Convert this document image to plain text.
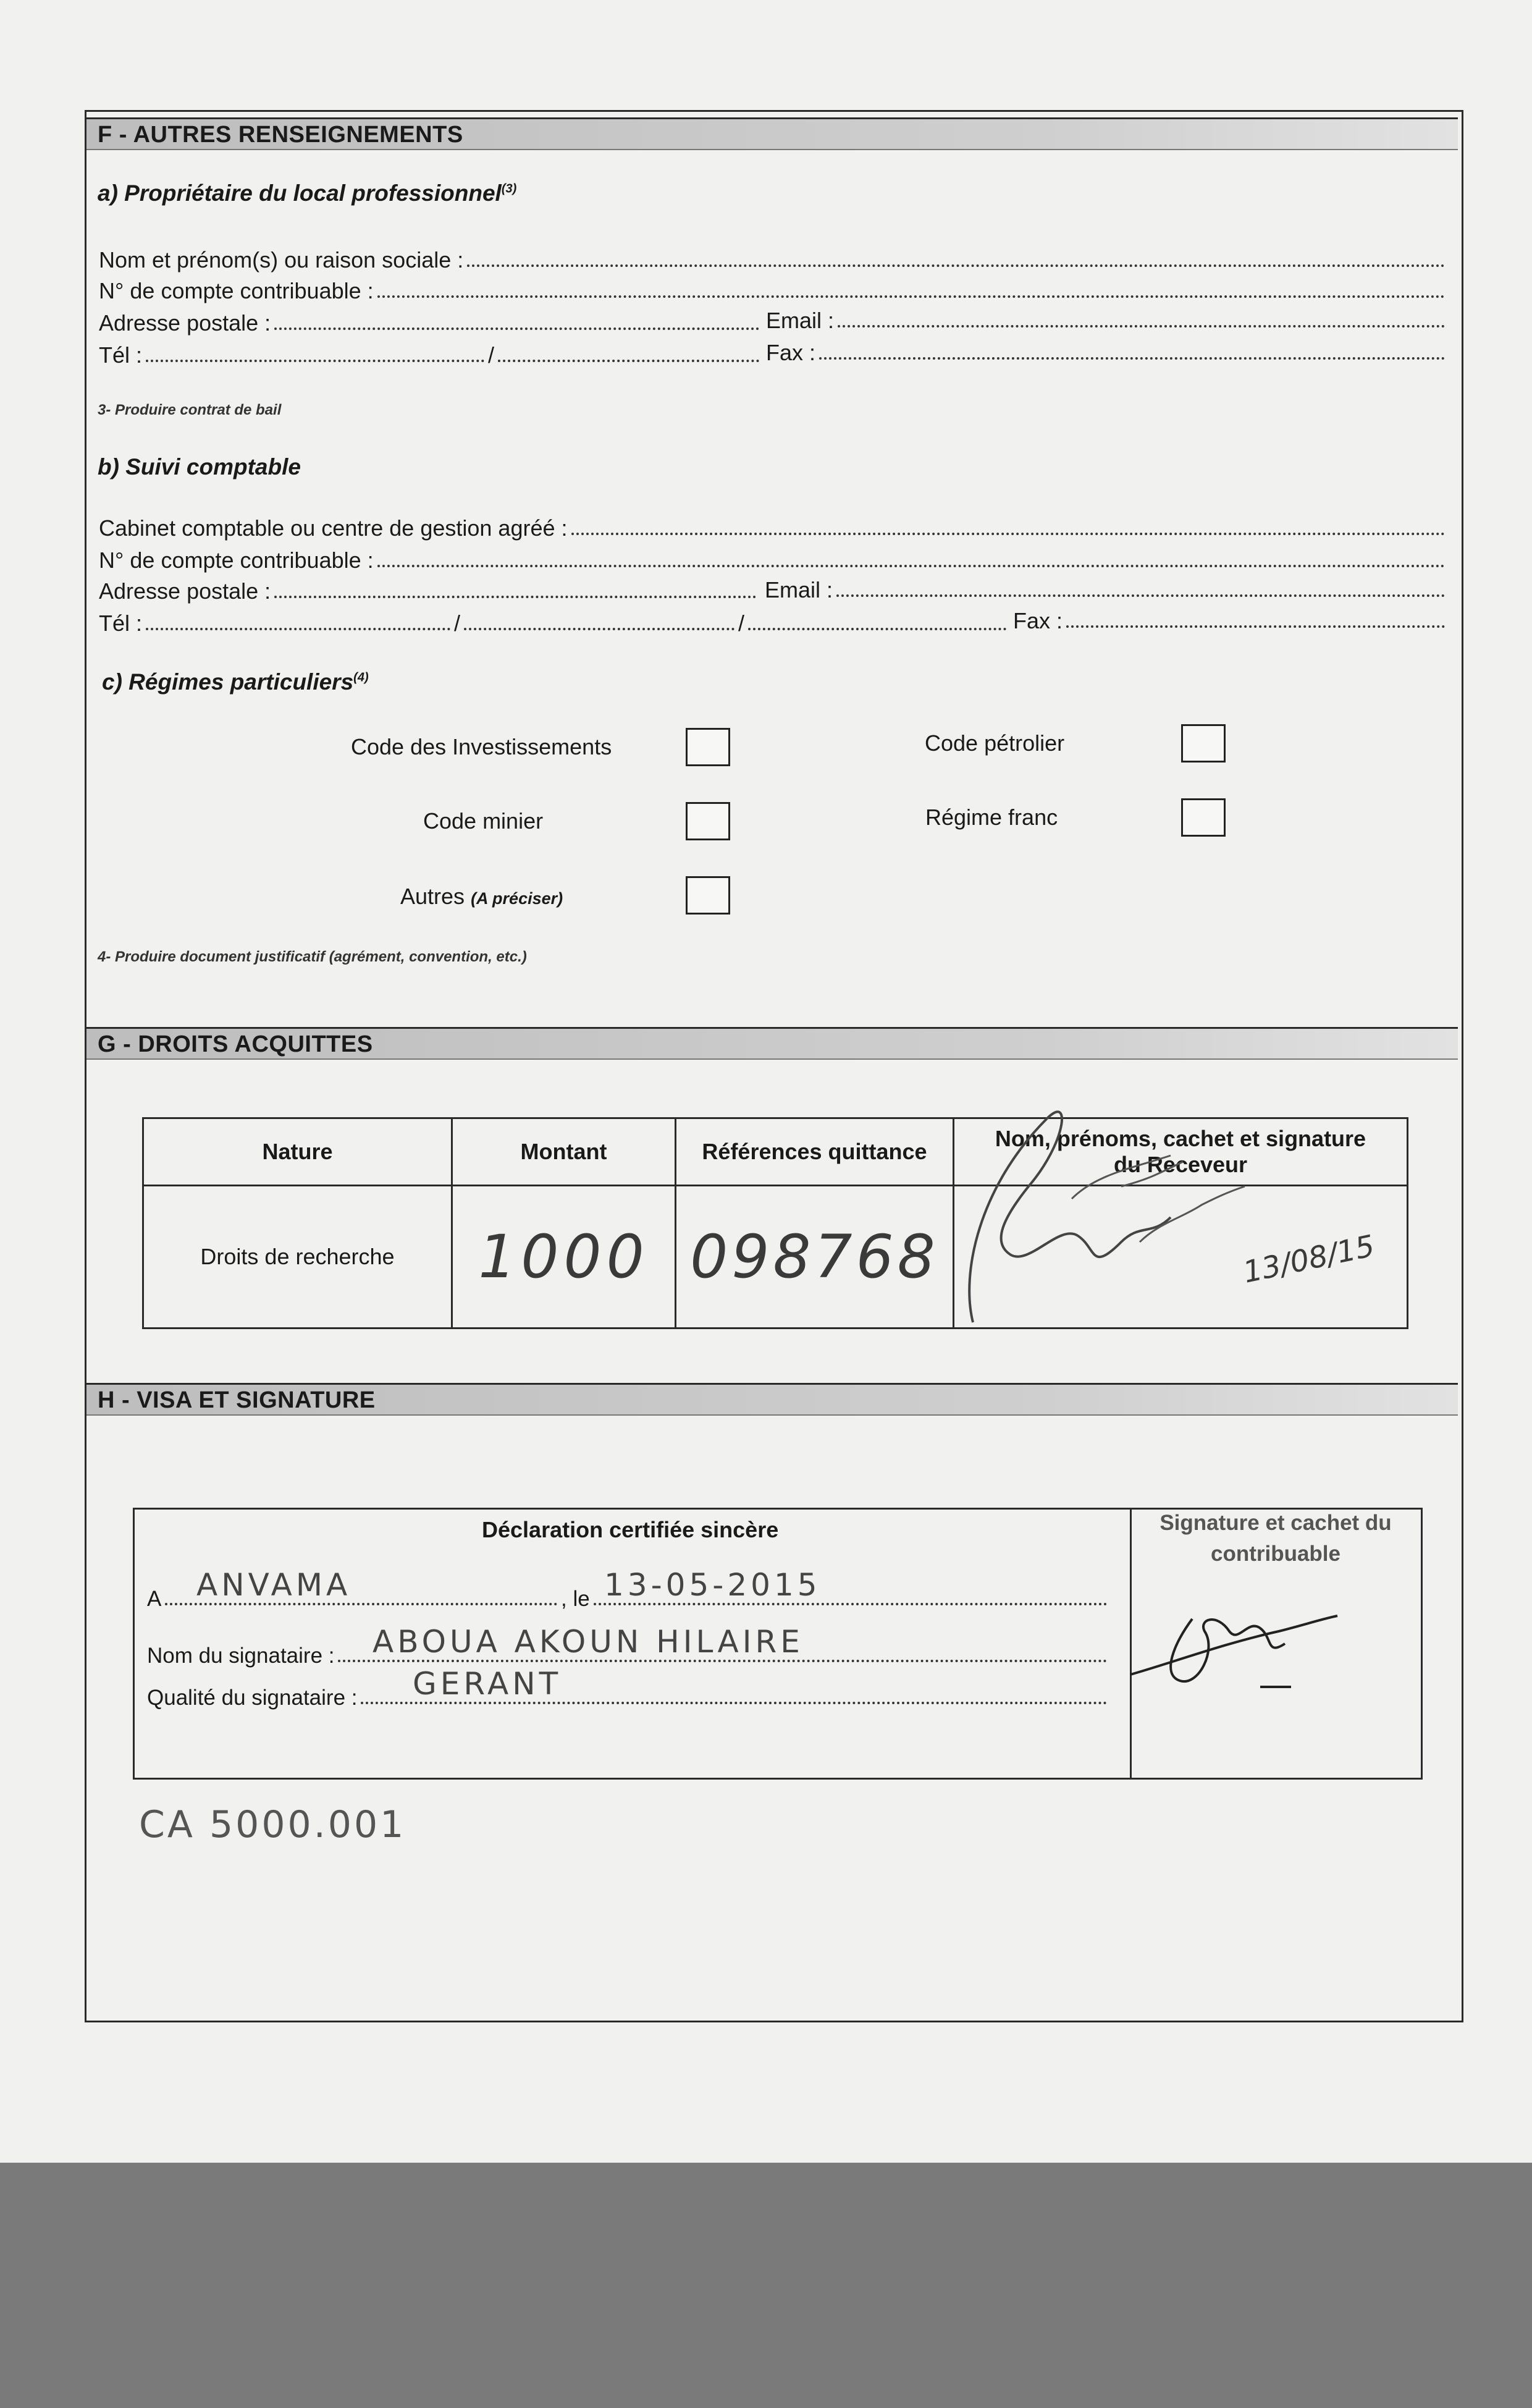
F - AUTRES RENSEIGNEMENTS
a) Propriétaire du local professionnel$^{(3)}$
Nom et prénom(s) ou raison sociale :
N° de compte contribuable :
Adresse postale :	Email :
Tél :	/	Fax :
3- Produire contrat de bail
b) Suivi comptable
Cabinet comptable ou centre de gestion agréé :
N° de compte contribuable :
Adresse postale :	Email :
Tél :	/	/	Fax :
c) Régimes particuliers$^{(4)}$
Code des Investissements	Code pétrolier
Code minier	Régime franc
Autres (A préciser)
4- Produire document justificatif (agrément, convention, etc.)
G - DROITS ACQUITTES
Nature	Montant	Références quittance	Nom, prénoms, cachet et signature du Receveur
Droits de recherche	1000	098768	13/08/15
H - VISA ET SIGNATURE
Déclaration certifiée sincère
A ANVAMA	, le 13-05-2015
Nom du signataire : ABOUA AKOUN HILAIRE
Qualité du signataire : GERANT
Signature et cachet du contribuable
CA 5000.001
